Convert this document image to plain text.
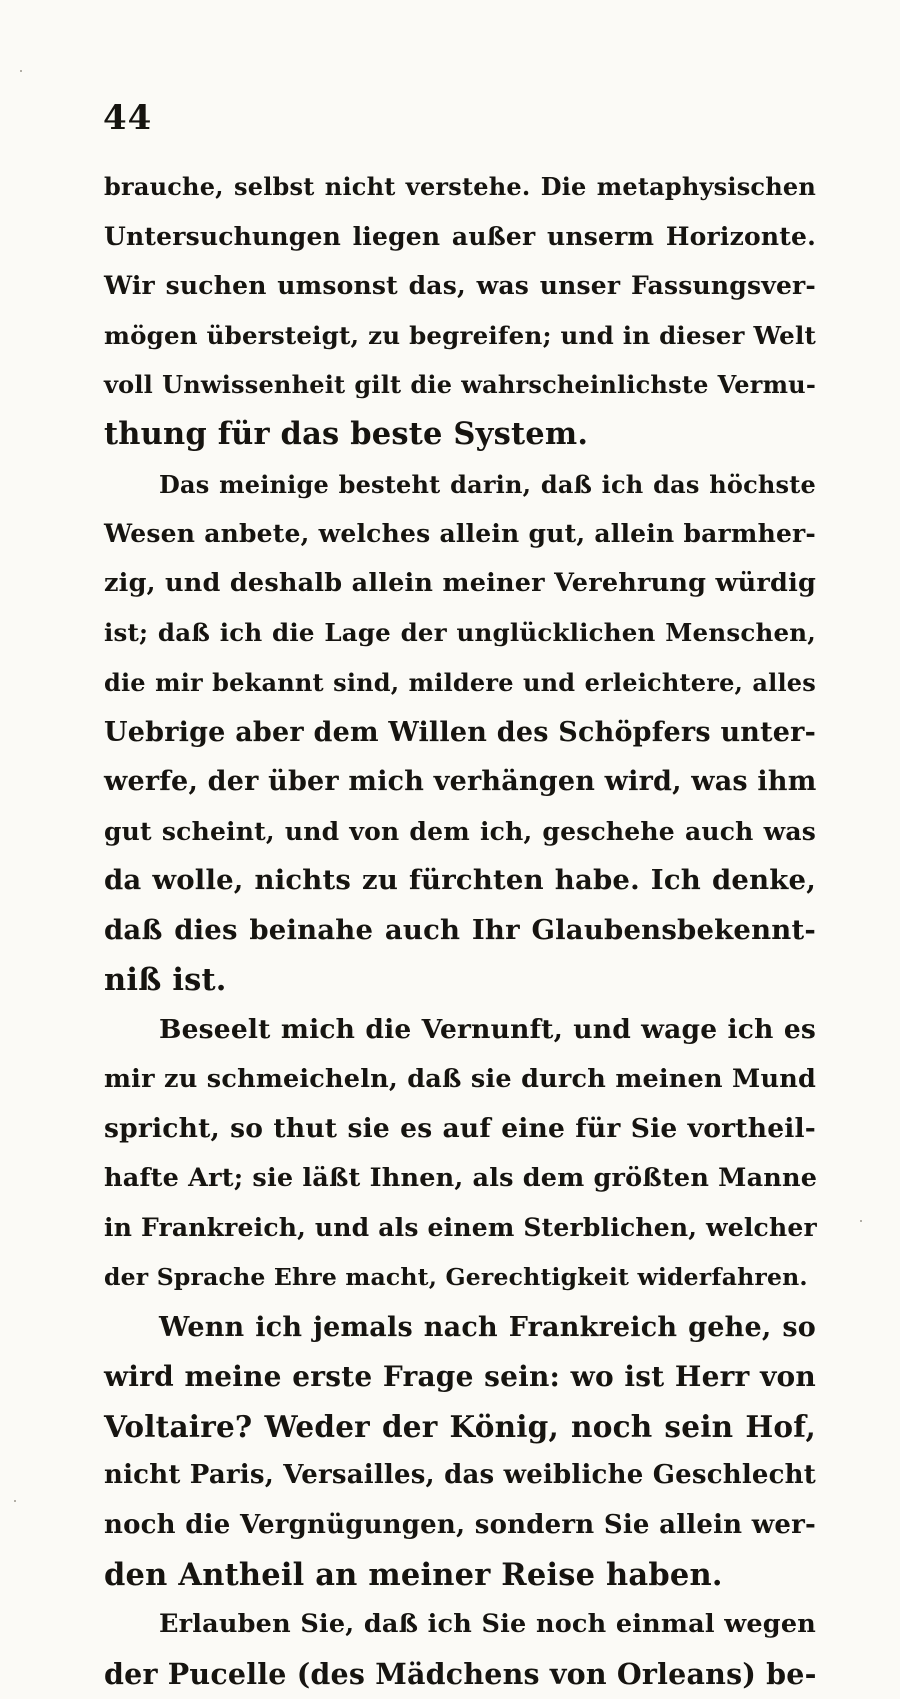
44
brauche, selbst nicht verstehe. Die metaphysischen
Untersuchungen liegen außer unserm Horizonte.
Wir suchen umsonst das, was unser Fassungsver-
mögen übersteigt, zu begreifen; und in dieser Welt
voll Unwissenheit gilt die wahrscheinlichste Vermu-
thung für das beste System.
Das meinige besteht darin, daß ich das höchste
Wesen anbete, welches allein gut, allein barmher-
zig, und deshalb allein meiner Verehrung würdig
ist; daß ich die Lage der unglücklichen Menschen,
die mir bekannt sind, mildere und erleichtere, alles
Uebrige aber dem Willen des Schöpfers unter-
werfe, der über mich verhängen wird, was ihm
gut scheint, und von dem ich, geschehe auch was
da wolle, nichts zu fürchten habe. Ich denke,
daß dies beinahe auch Ihr Glaubensbekennt-
niß ist.
Beseelt mich die Vernunft, und wage ich es
mir zu schmeicheln, daß sie durch meinen Mund
spricht, so thut sie es auf eine für Sie vortheil-
hafte Art; sie läßt Ihnen, als dem größten Manne
in Frankreich, und als einem Sterblichen, welcher
der Sprache Ehre macht, Gerechtigkeit widerfahren.
Wenn ich jemals nach Frankreich gehe, so
wird meine erste Frage sein: wo ist Herr von
Voltaire? Weder der König, noch sein Hof,
nicht Paris, Versailles, das weibliche Geschlecht
noch die Vergnügungen, sondern Sie allein wer-
den Antheil an meiner Reise haben.
Erlauben Sie, daß ich Sie noch einmal wegen
der Pucelle (des Mädchens von Orleans) be-
